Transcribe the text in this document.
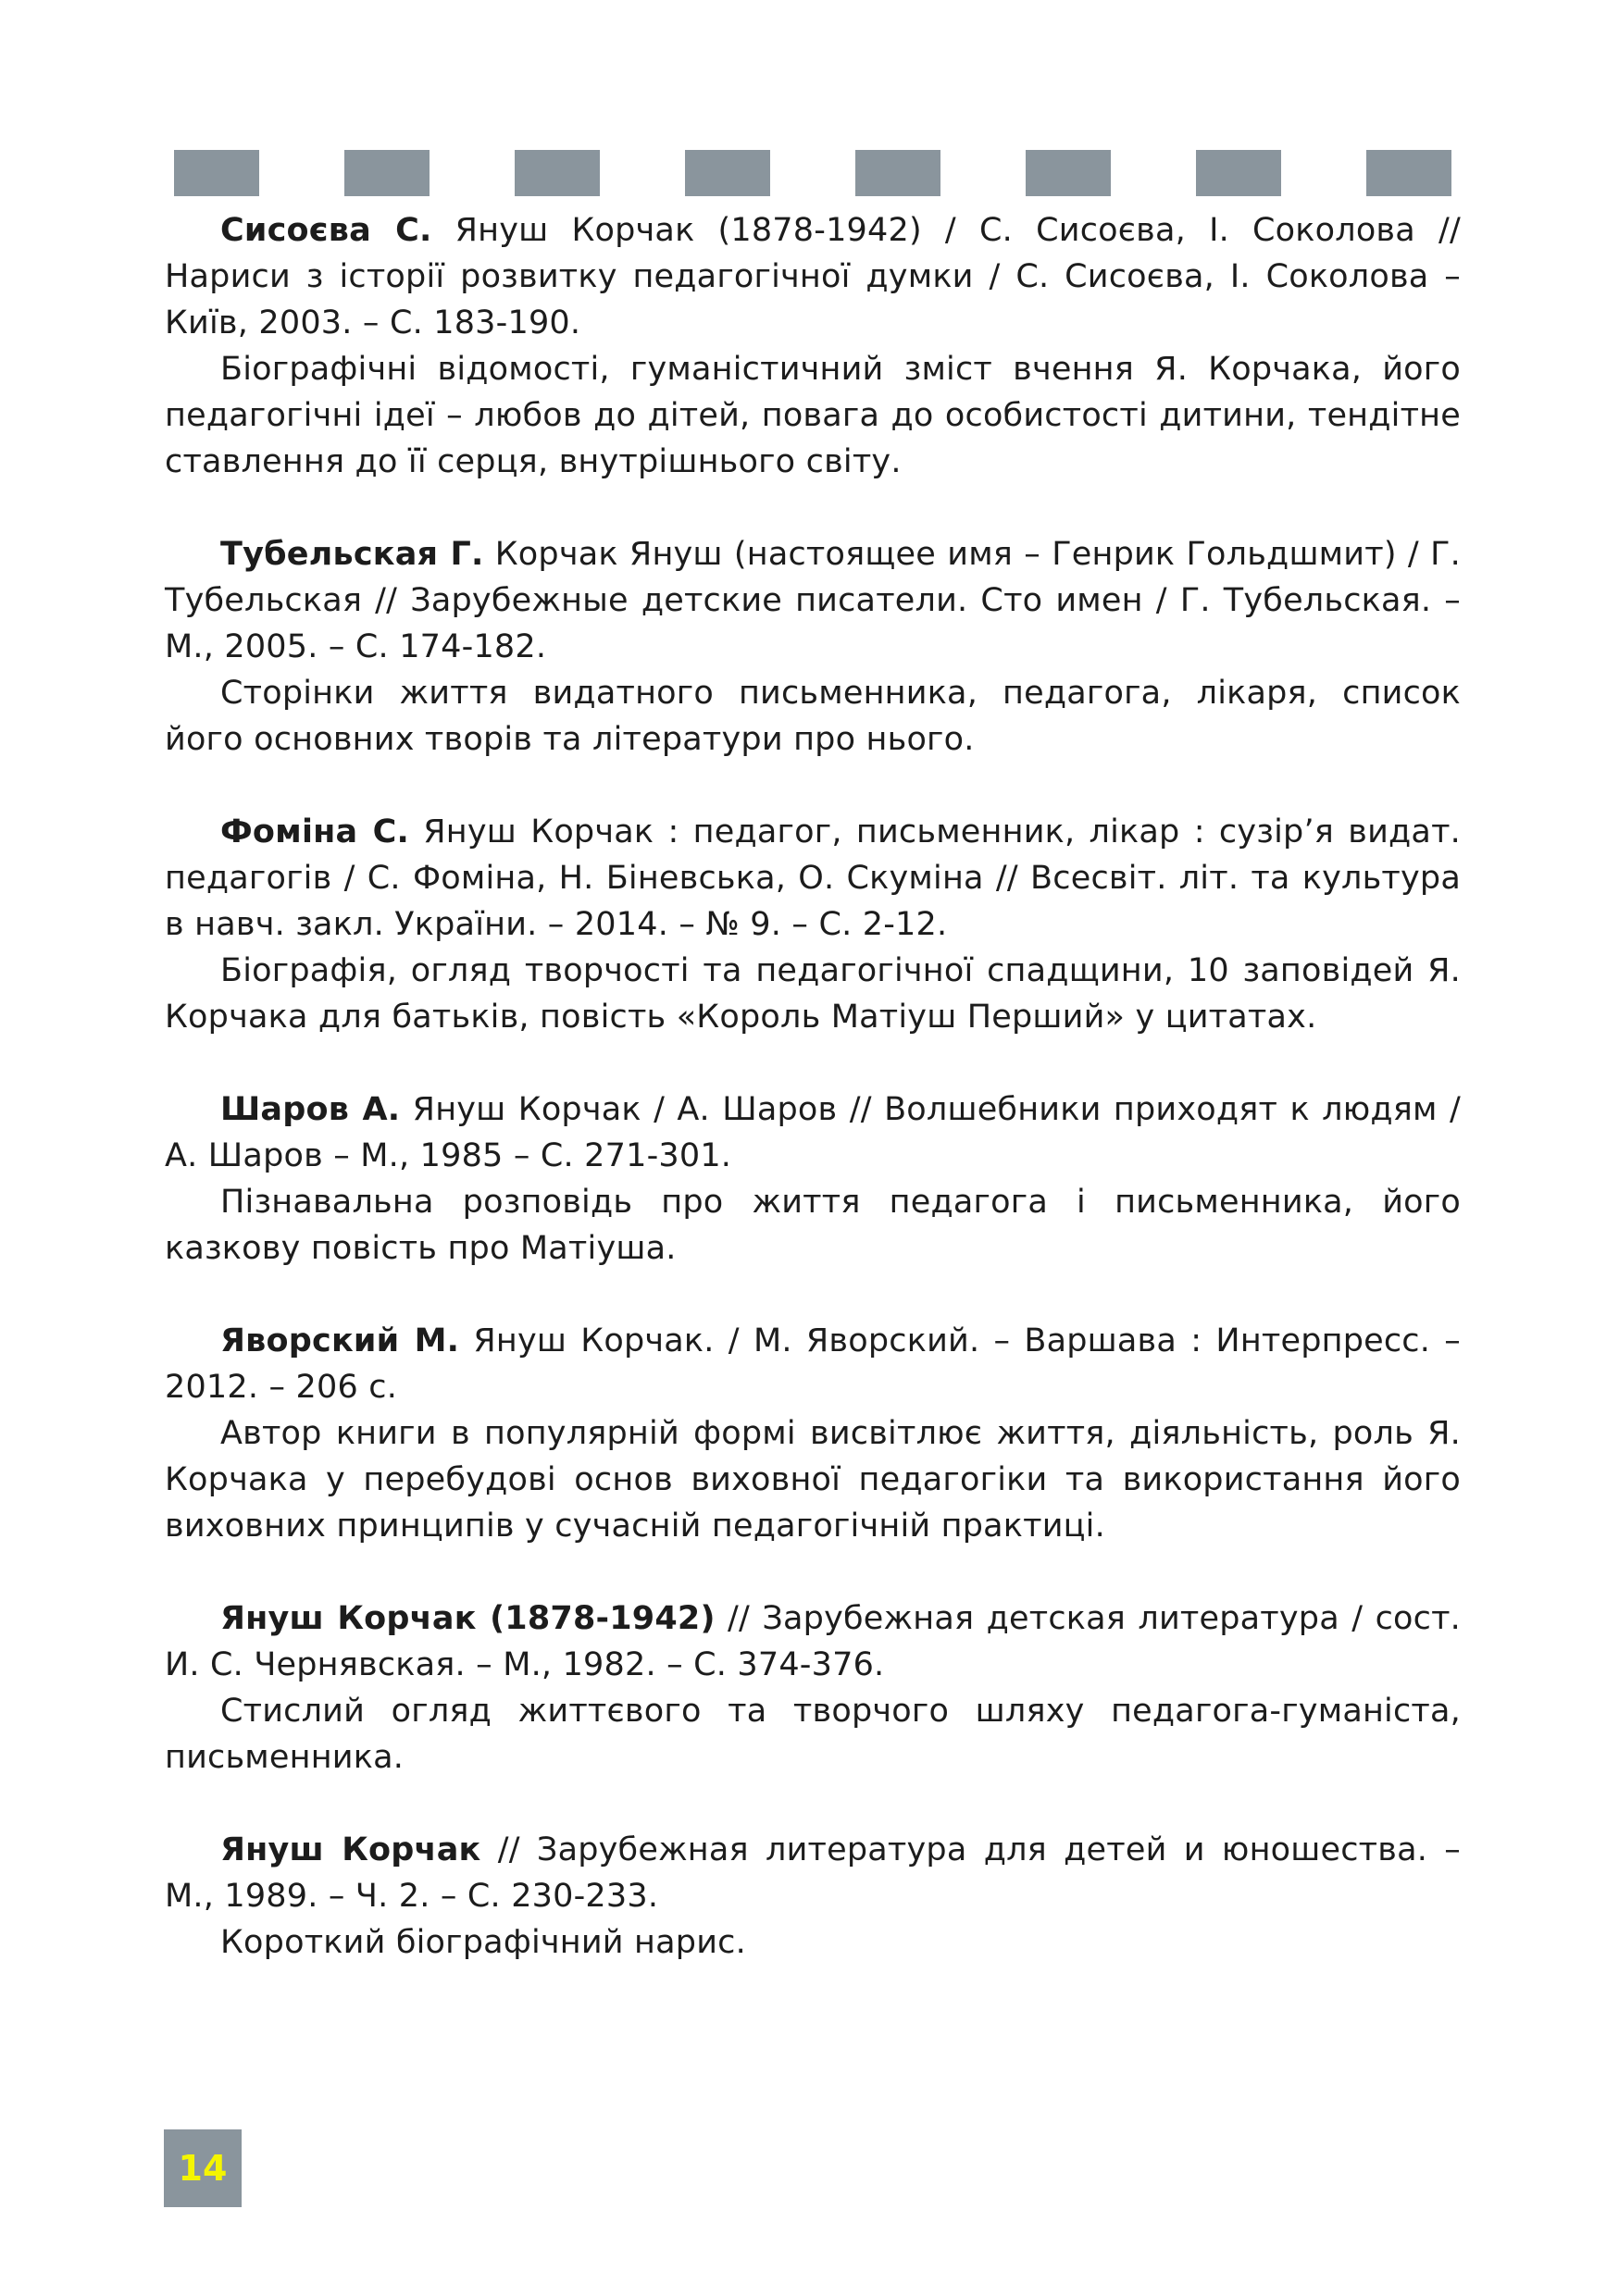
Сисоєва С. Януш Корчак (1878-1942) / С. Сисоєва, І. Соколова // Нариси з історії розвитку педагогічної думки / С. Сисоєва, І. Соколова – Київ, 2003. – С. 183-190.

Біографічні відомості, гуманістичний зміст вчення Я. Корчака, його педагогічні ідеї – любов до дітей, повага до особистості дитини, тендітне ставлення до її серця, внутрішнього світу.

Тубельская Г. Корчак Януш (настоящее имя – Генрик Гольдшмит) / Г. Тубельская // Зарубежные детские писатели. Сто имен / Г. Тубельская. – М., 2005. – С. 174-182.

Сторінки життя видатного письменника, педагога, лікаря, список його основних творів та літератури про нього.

Фоміна С. Януш Корчак : педагог, письменник, лікар : сузір’я видат. педагогів / С. Фоміна, Н. Біневська, О. Скуміна // Всесвіт. літ. та культура в навч. закл. України. – 2014. – № 9. – С. 2-12.

Біографія, огляд творчості та педагогічної спадщини, 10 заповідей Я. Корчака для батьків, повість «Король Матіуш Перший» у цитатах.

Шаров А. Януш Корчак / А. Шаров // Волшебники приходят к людям / А. Шаров – М., 1985 – С. 271-301.

Пізнавальна розповідь про життя педагога і письменника, його казкову повість про Матіуша.

Яворский М. Януш Корчак. / М. Яворский. – Варшава : Интерпресс. – 2012. – 206 с.

Автор книги в популярній формі висвітлює життя, діяльність, роль Я. Корчака у перебудові основ виховної педагогіки та використання його виховних принципів у сучасній педагогічній практиці.

Януш Корчак (1878-1942) // Зарубежная детская литература / сост. И. С. Чернявская. – М., 1982. – С. 374-376.

Стислий огляд життєвого та творчого шляху педагога-гуманіста, письменника.

Януш Корчак // Зарубежная литература для детей и юношества. – М., 1989. – Ч. 2. – С. 230-233.

Короткий біографічний нарис.

14
